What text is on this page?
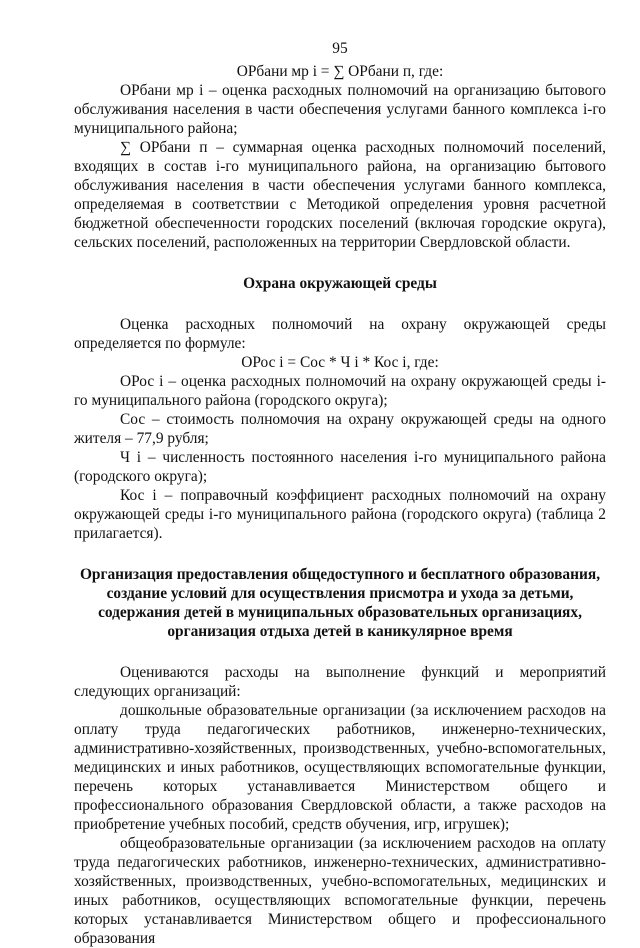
95
ОРбани мр i = ∑ ОРбани п, где:

ОРбани мр i – оценка расходных полномочий на организацию бытового обслуживания населения в части обеспечения услугами банного комплекса i-го муниципального района;

∑ ОРбани п – суммарная оценка расходных полномочий поселений, входящих в состав i-го муниципального района, на организацию бытового обслуживания населения в части обеспечения услугами банного комплекса, определяемая в соответствии с Методикой определения уровня расчетной бюджетной обеспеченности городских поселений (включая городские округа), сельских поселений, расположенных на территории Свердловской области.

Охрана окружающей среды

Оценка расходных полномочий на охрану окружающей среды определяется по формуле:

ОРос i = Сос * Ч i * Кос i, где:

ОРос i – оценка расходных полномочий на охрану окружающей среды i-го муниципального района (городского округа);

Сос – стоимость полномочия на охрану окружающей среды на одного жителя – 77,9 рубля;

Ч i – численность постоянного населения i-го муниципального района (городского округа);

Кос i – поправочный коэффициент расходных полномочий на охрану окружающей среды i-го муниципального района (городского округа) (таблица 2 прилагается).

Организация предоставления общедоступного и бесплатного образования,

создание условий для осуществления присмотра и ухода за детьми,

содержания детей в муниципальных образовательных организациях,

организация отдыха детей в каникулярное время

Оцениваются расходы на выполнение функций и мероприятий следующих организаций:

дошкольные образовательные организации (за исключением расходов на оплату труда педагогических работников, инженерно-технических, административно-хозяйственных, производственных, учебно-вспомогательных, медицинских и иных работников, осуществляющих вспомогательные функции, перечень которых устанавливается Министерством общего и профессионального образования Свердловской области, а также расходов на приобретение учебных пособий, средств обучения, игр, игрушек);

общеобразовательные организации (за исключением расходов на оплату труда педагогических работников, инженерно-технических, административно-хозяйственных, производственных, учебно-вспомогательных, медицинских и иных работников, осуществляющих вспомогательные функции, перечень которых устанавливается Министерством общего и профессионального образования
